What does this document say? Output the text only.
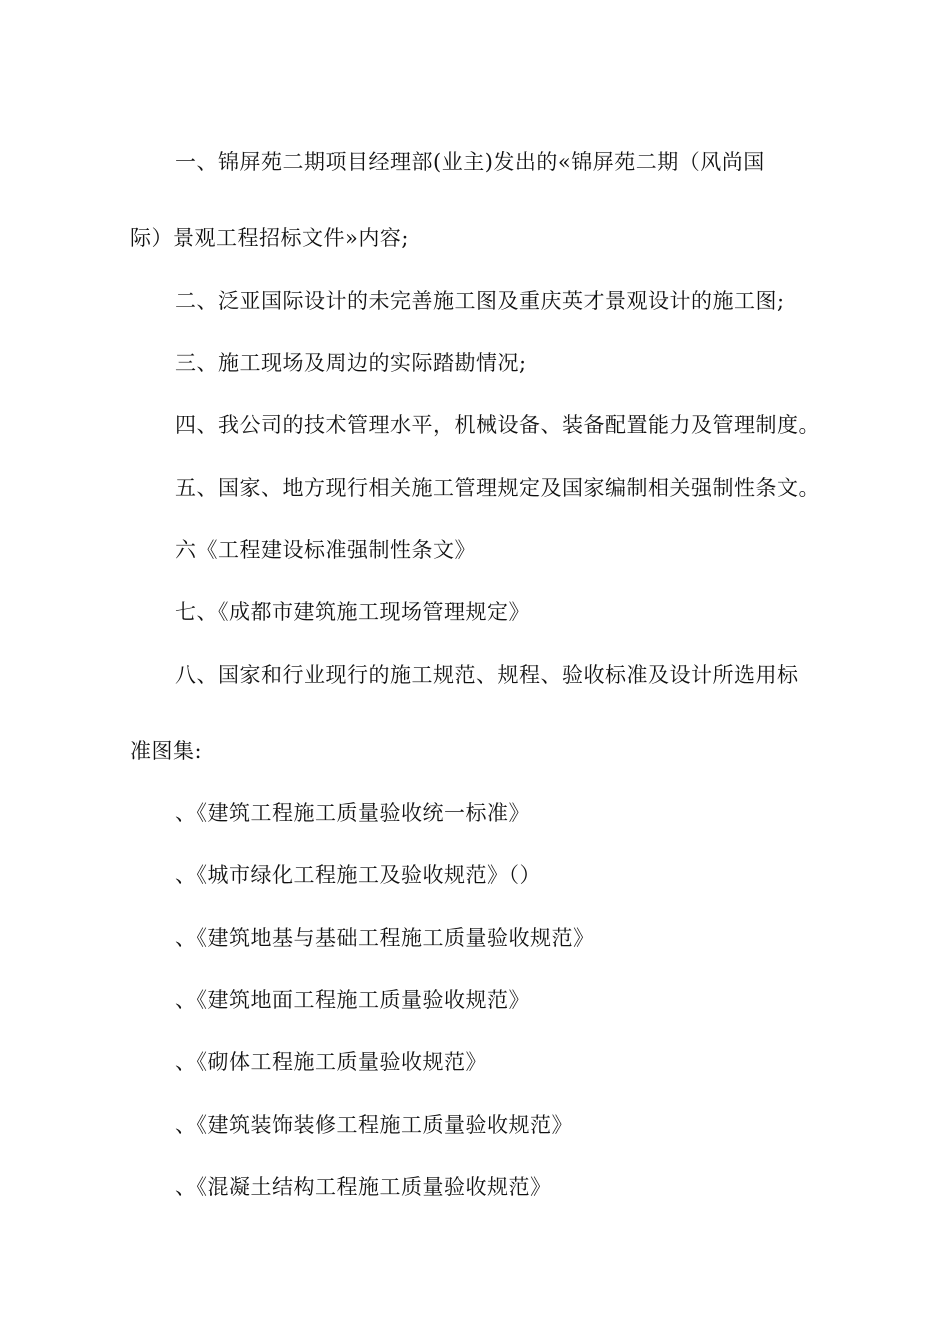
一、锦屏苑二期项目经理部(业主)发出的«锦屏苑二期（风尚国
际）景观工程招标文件»内容;
二、泛亚国际设计的未完善施工图及重庆英才景观设计的施工图;
三、施工现场及周边的实际踏勘情况;
四、我公司的技术管理水平，机械设备、装备配置能力及管理制度。
五、国家、地方现行相关施工管理规定及国家编制相关强制性条文。
六《工程建设标准强制性条文》
七、《成都市建筑施工现场管理规定》
八、国家和行业现行的施工规范、规程、验收标准及设计所选用标
准图集:
、《建筑工程施工质量验收统一标准》
、《城市绿化工程施工及验收规范》（）
、《建筑地基与基础工程施工质量验收规范》
、《建筑地面工程施工质量验收规范》
、《砌体工程施工质量验收规范》
、《建筑装饰装修工程施工质量验收规范》
、《混凝土结构工程施工质量验收规范》
